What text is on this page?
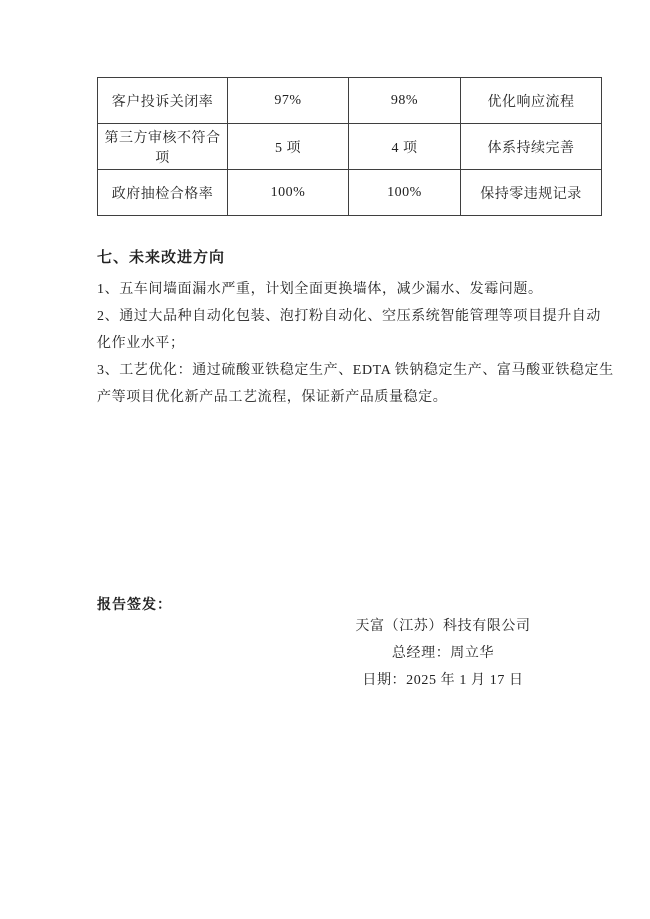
客户投诉关闭率	97%	98%	优化响应流程
第三方审核不符合项	5 项	4 项	体系持续完善
政府抽检合格率	100%	100%	保持零违规记录
七、未来改进方向
1、五车间墙面漏水严重，计划全面更换墙体，减少漏水、发霉问题。
2、通过大品种自动化包装、泡打粉自动化、空压系统智能管理等项目提升自动
化作业水平；
3、工艺优化：通过硫酸亚铁稳定生产、EDTA 铁钠稳定生产、富马酸亚铁稳定生
产等项目优化新产品工艺流程，保证新产品质量稳定。
报告签发：
天富（江苏）科技有限公司
总经理：周立华
日期：2025 年 1 月 17 日
